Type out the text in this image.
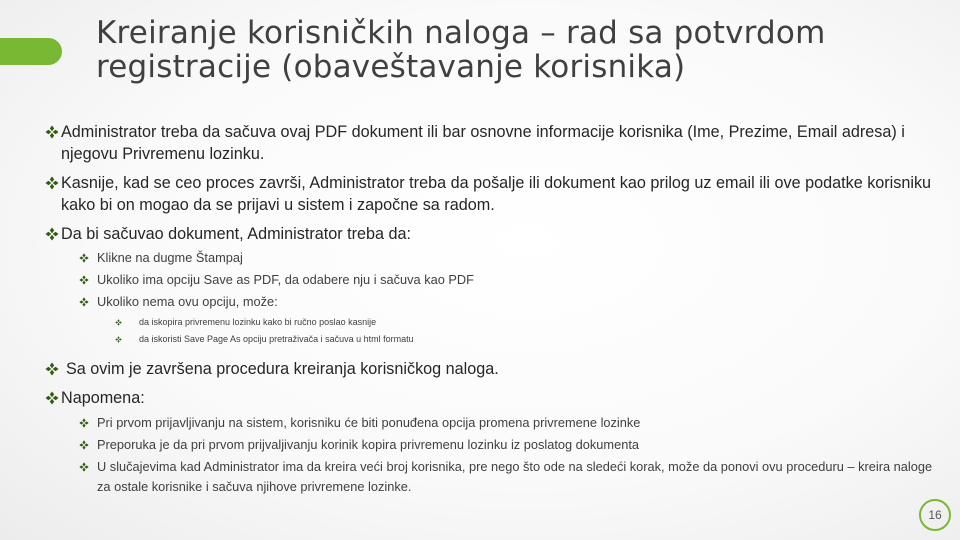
Kreiranje korisničkih naloga – rad sa potvrdom
registracije (obaveštavanje korisnika)

Administrator treba da sačuva ovaj PDF dokument ili bar osnovne informacije korisnika (Ime, Prezime, Email adresa) i njegovu Privremenu lozinku.

Kasnije, kad se ceo proces završi, Administrator treba da pošalje ili dokument kao prilog uz email ili ove podatke korisniku kako bi on mogao da se prijavi u sistem i započne sa radom.

Da bi sačuvao dokument, Administrator treba da:

Klikne na dugme Štampaj

Ukoliko ima opciju Save as PDF, da odabere nju i sačuva kao PDF

Ukoliko nema ovu opciju, može:

da iskopira privremenu lozinku kako bi ručno poslao kasnije

da iskoristi Save Page As opciju pretraživača i sačuva u html formatu

Sa ovim je završena procedura kreiranja korisničkog naloga.

Napomena:

Pri prvom prijavljivanju na sistem, korisniku će biti ponuđena opcija promena privremene lozinke

Preporuka je da pri prvom prijvaljivanju korinik kopira privremenu lozinku iz poslatog dokumenta

U slučajevima kad Administrator ima da kreira veći broj korisnika, pre nego što ode na sledeći korak, može da ponovi ovu proceduru – kreira naloge za ostale korisnike i sačuva njihove privremene lozinke.

16
